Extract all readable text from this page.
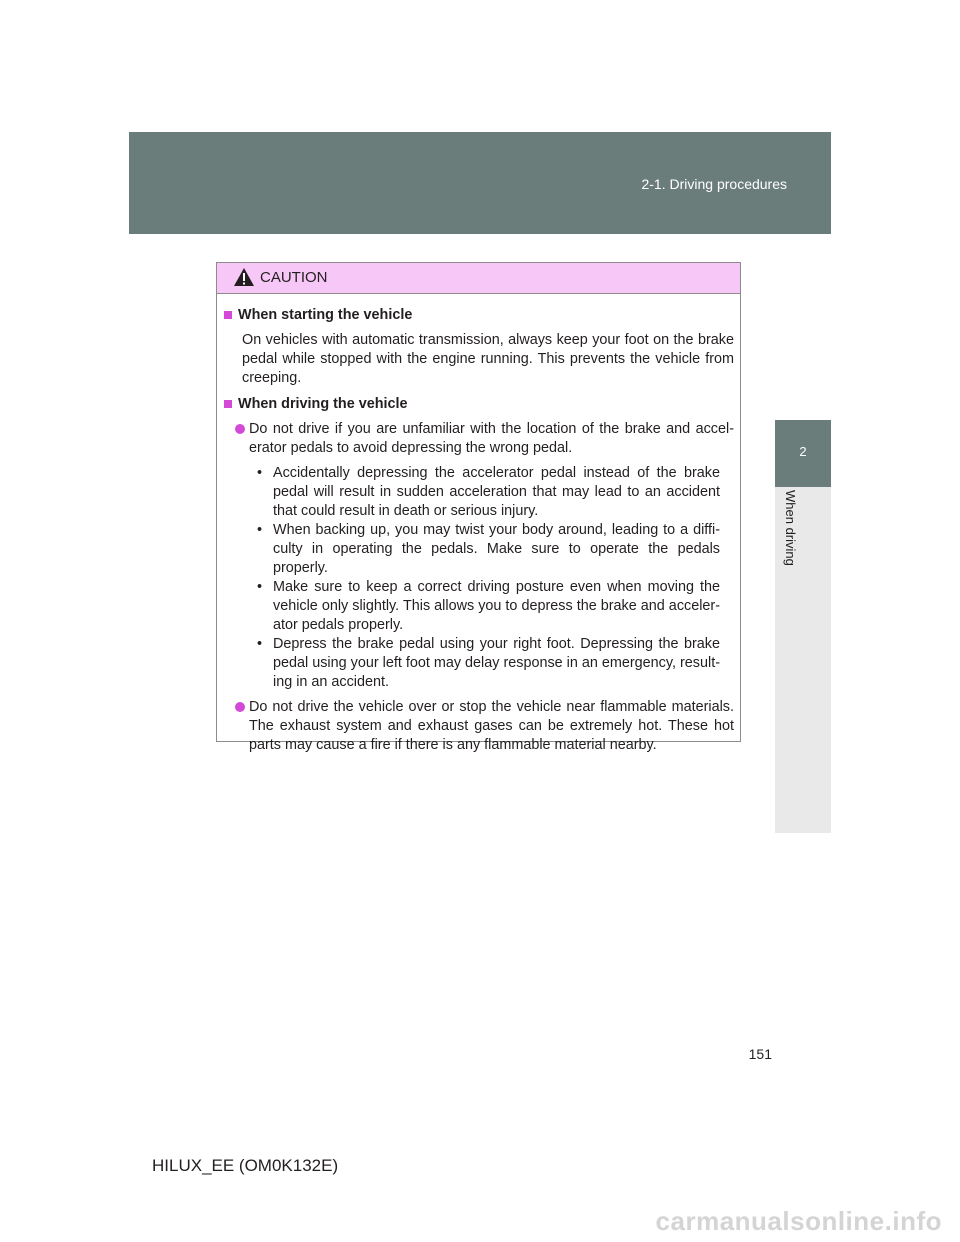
2-1. Driving procedures
2
When driving
CAUTION
When starting the vehicle
On vehicles with automatic transmission, always keep your foot on the brake pedal while stopped with the engine running. This prevents the vehicle from creeping.
When driving the vehicle
Do not drive if you are unfamiliar with the location of the brake and accel-erator pedals to avoid depressing the wrong pedal.
• Accidentally depressing the accelerator pedal instead of the brake pedal will result in sudden acceleration that may lead to an accident that could result in death or serious injury.
• When backing up, you may twist your body around, leading to a diffi-culty in operating the pedals. Make sure to operate the pedals properly.
• Make sure to keep a correct driving posture even when moving the vehicle only slightly. This allows you to depress the brake and acceler-ator pedals properly.
• Depress the brake pedal using your right foot. Depressing the brake pedal using your left foot may delay response in an emergency, result-ing in an accident.
Do not drive the vehicle over or stop the vehicle near flammable materials. The exhaust system and exhaust gases can be extremely hot. These hot parts may cause a fire if there is any flammable material nearby.
151
HILUX_EE (OM0K132E)
carmanualsonline.info
